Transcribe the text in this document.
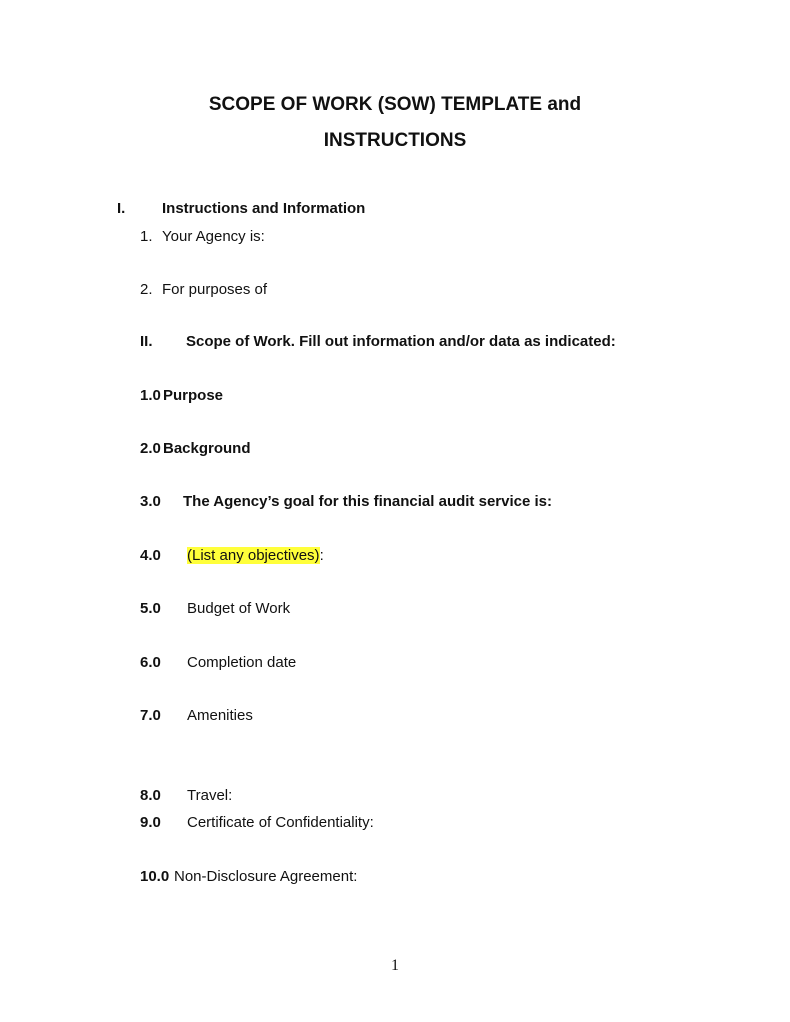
SCOPE OF WORK (SOW) TEMPLATE and
INSTRUCTIONS
I. Instructions and Information
1. Your Agency is:
2. For purposes of
II. Scope of Work. Fill out information and/or data as indicated:
1.0 Purpose
2.0 Background
3.0 The Agency’s goal for this financial audit service is:
4.0 (List any objectives):
5.0 Budget of Work
6.0 Completion date
7.0 Amenities
8.0 Travel:
9.0 Certificate of Confidentiality:
10.0 Non-Disclosure Agreement:
1
